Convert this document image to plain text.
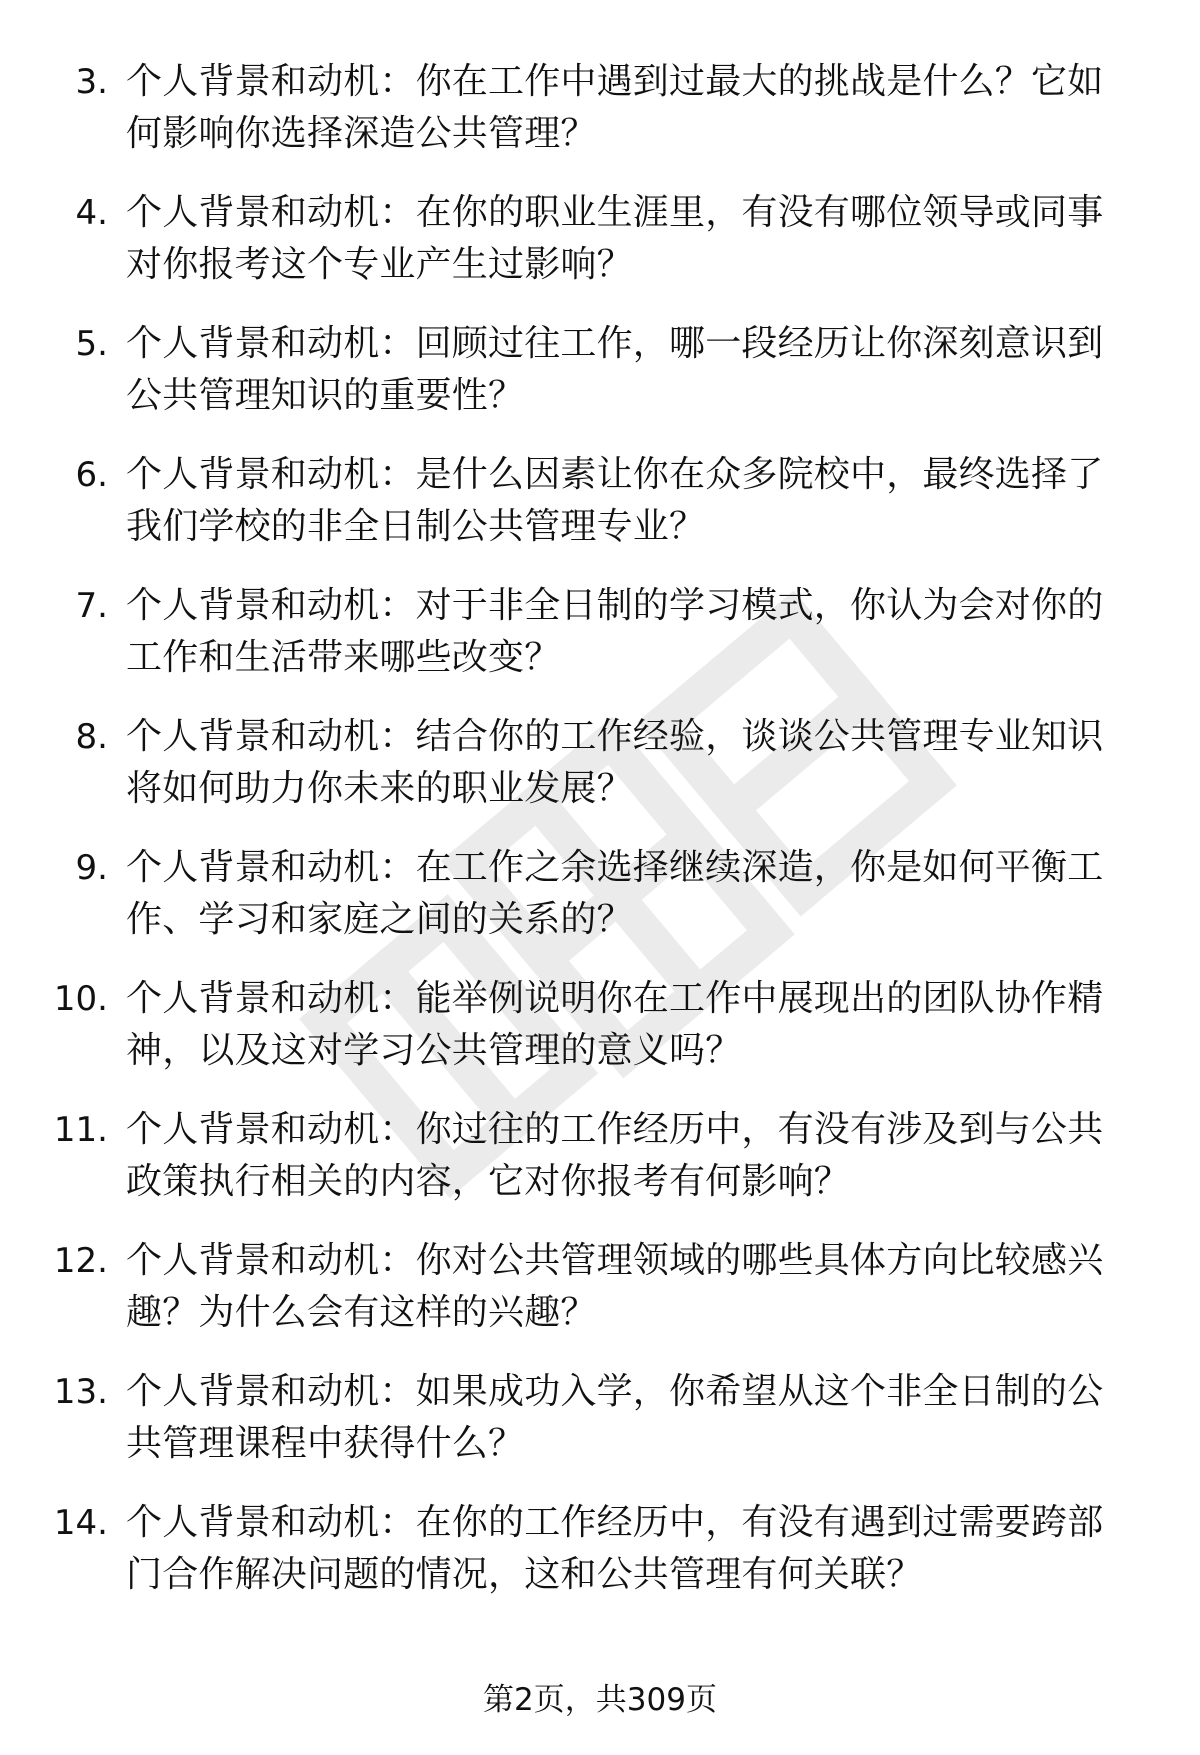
3. 个人背景和动机：你在工作中遇到过最大的挑战是什么？它如何影响你选择深造公共管理？
4. 个人背景和动机：在你的职业生涯里，有没有哪位领导或同事对你报考这个专业产生过影响？
5. 个人背景和动机：回顾过往工作，哪一段经历让你深刻意识到公共管理知识的重要性？
6. 个人背景和动机：是什么因素让你在众多院校中，最终选择了我们学校的非全日制公共管理专业？
7. 个人背景和动机：对于非全日制的学习模式，你认为会对你的工作和生活带来哪些改变？
8. 个人背景和动机：结合你的工作经验，谈谈公共管理专业知识将如何助力你未来的职业发展？
9. 个人背景和动机：在工作之余选择继续深造，你是如何平衡工作、学习和家庭之间的关系的？
10. 个人背景和动机：能举例说明你在工作中展现出的团队协作精神，以及这对学习公共管理的意义吗？
11. 个人背景和动机：你过往的工作经历中，有没有涉及到与公共政策执行相关的内容，它对你报考有何影响？
12. 个人背景和动机：你对公共管理领域的哪些具体方向比较感兴趣？为什么会有这样的兴趣？
13. 个人背景和动机：如果成功入学，你希望从这个非全日制的公共管理课程中获得什么？
14. 个人背景和动机：在你的工作经历中，有没有遇到过需要跨部门合作解决问题的情况，这和公共管理有何关联？
第2页，共309页
